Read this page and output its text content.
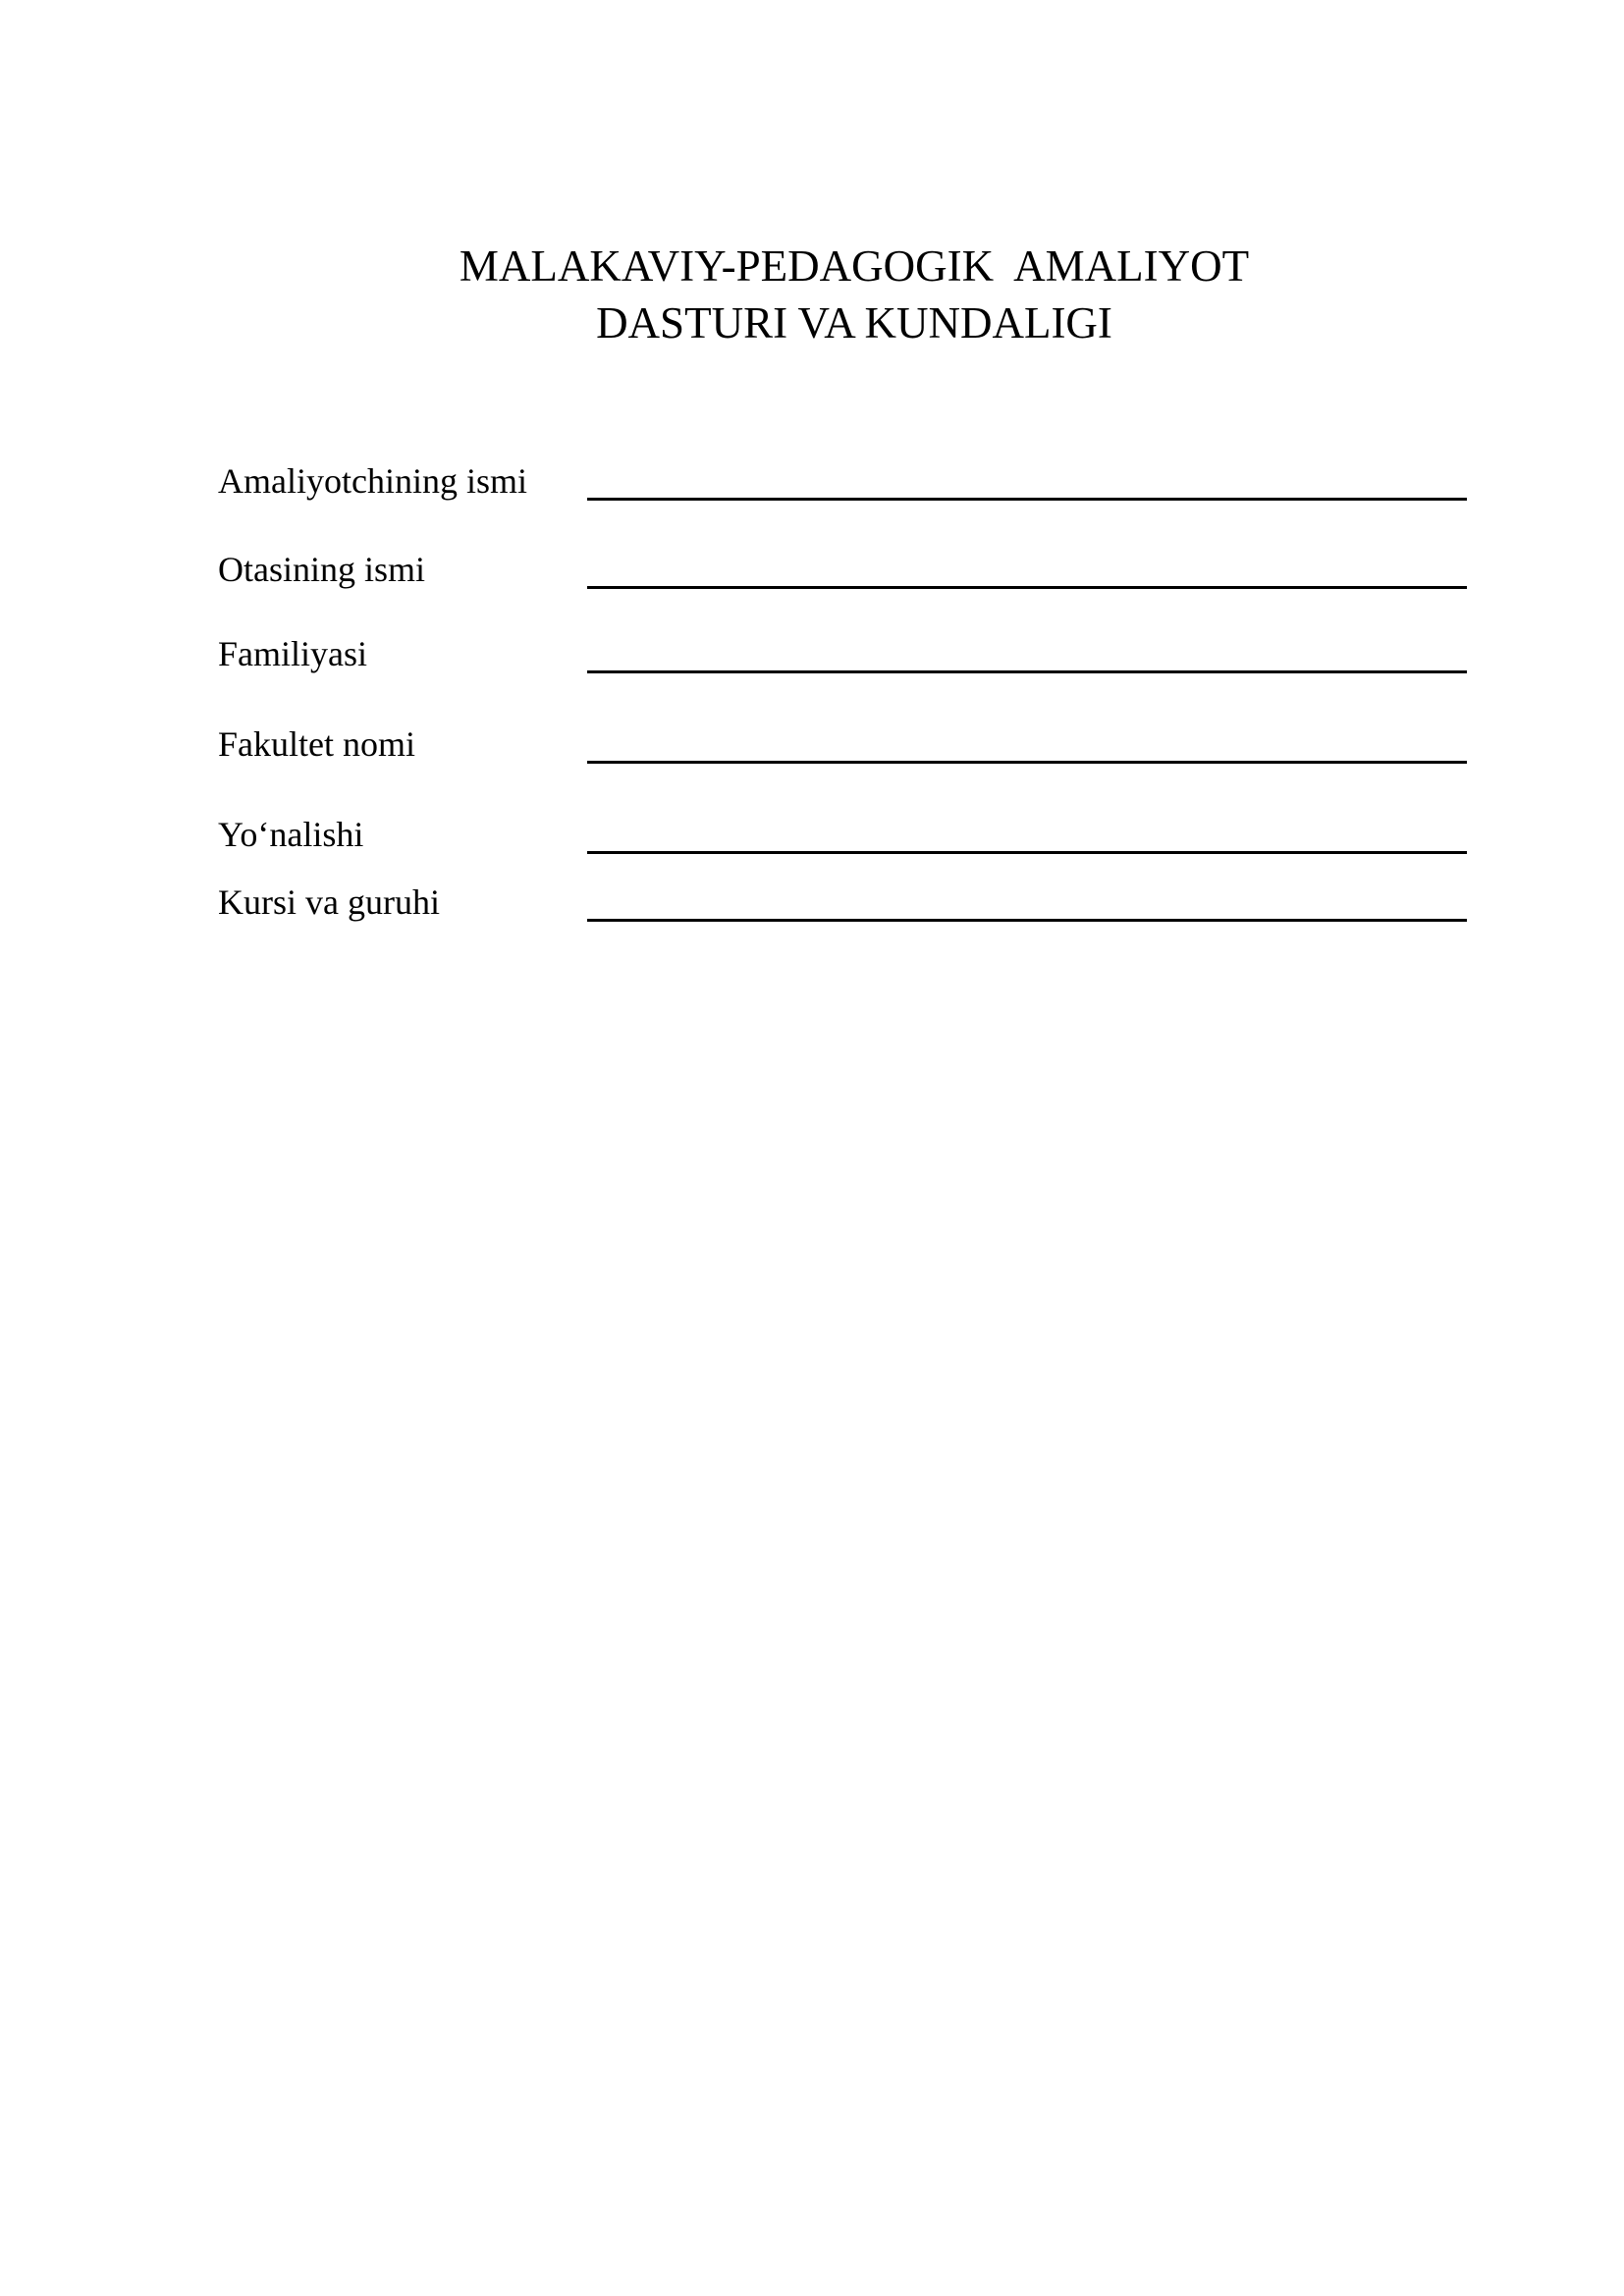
MALAKAVIY-PEDAGOGIK  AMALIYOT
DASTURI VA KUNDALIGI
Amaliyotchining ismi
Otasining ismi
Familiyasi
Fakultet nomi
Yo‘nalishi
Kursi va guruhi
